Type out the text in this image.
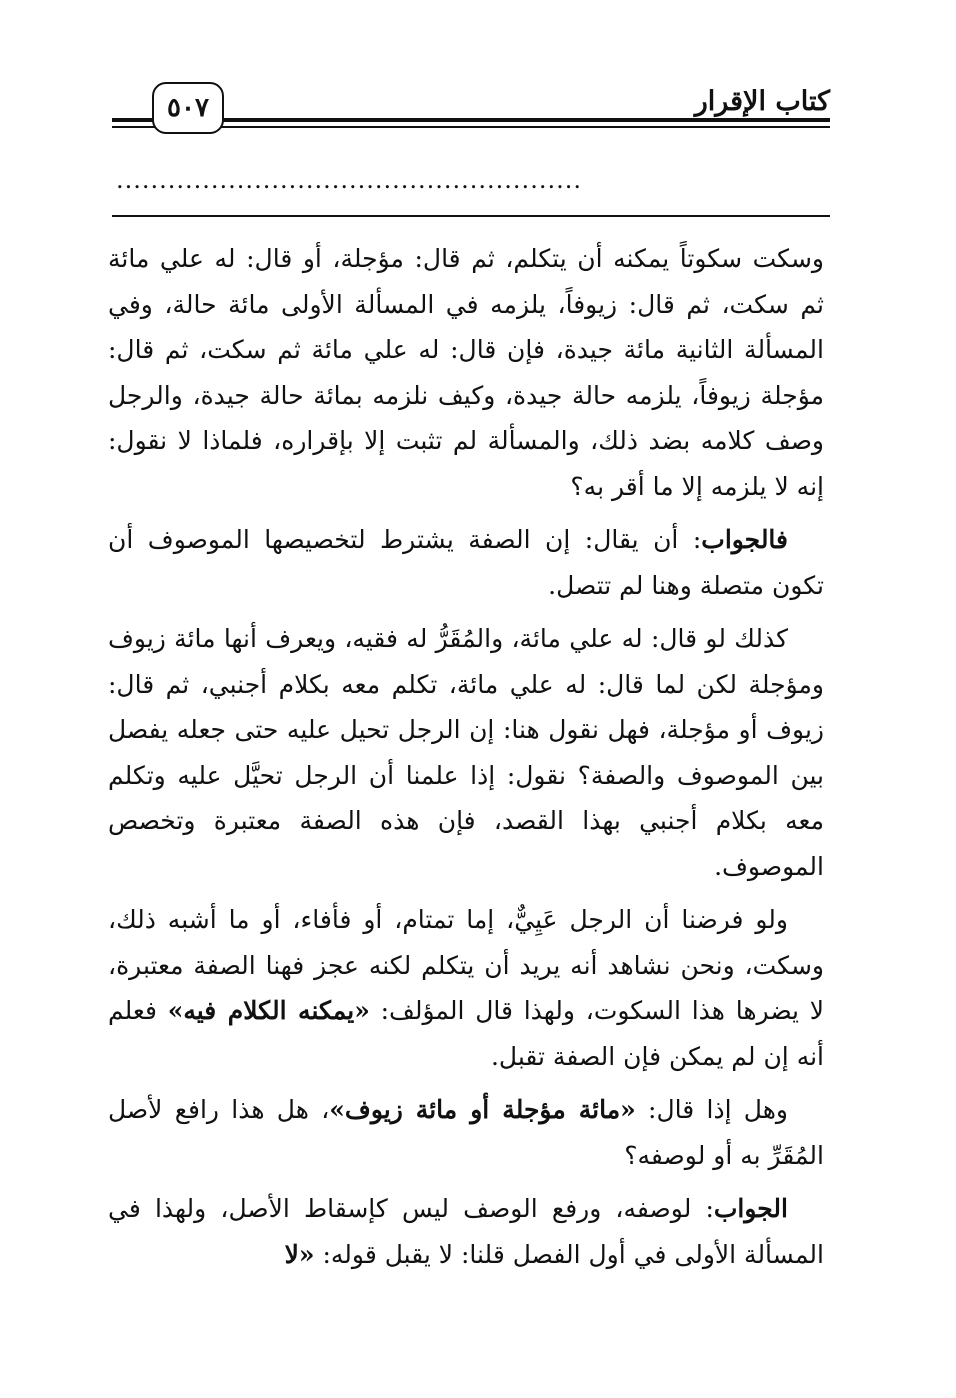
٥٠٧	كتاب الإقرار
......................................................

وسكت سكوتاً يمكنه أن يتكلم، ثم قال: مؤجلة، أو قال: له علي مائة ثم سكت، ثم قال: زيوفاً، يلزمه في المسألة الأولى مائة حالة، وفي المسألة الثانية مائة جيدة، فإن قال: له علي مائة ثم سكت، ثم قال: مؤجلة زيوفاً، يلزمه حالة جيدة، وكيف نلزمه بمائة حالة جيدة، والرجل وصف كلامه بضد ذلك، والمسألة لم تثبت إلا بإقراره، فلماذا لا نقول: إنه لا يلزمه إلا ما أقر به؟

فالجواب: أن يقال: إن الصفة يشترط لتخصيصها الموصوف أن تكون متصلة وهنا لم تتصل.

كذلك لو قال: له علي مائة، والمُقَرُّ له فقيه، ويعرف أنها مائة زيوف ومؤجلة لكن لما قال: له علي مائة، تكلم معه بكلام أجنبي، ثم قال: زيوف أو مؤجلة، فهل نقول هنا: إن الرجل تحيل عليه حتى جعله يفصل بين الموصوف والصفة؟ نقول: إذا علمنا أن الرجل تحيَّل عليه وتكلم معه بكلام أجنبي بهذا القصد، فإن هذه الصفة معتبرة وتخصص الموصوف.

ولو فرضنا أن الرجل عَيِيٌّ، إما تمتام، أو فأفاء، أو ما أشبه ذلك، وسكت، ونحن نشاهد أنه يريد أن يتكلم لكنه عجز فهنا الصفة معتبرة، لا يضرها هذا السكوت، ولهذا قال المؤلف: «يمكنه الكلام فيه» فعلم أنه إن لم يمكن فإن الصفة تقبل.

وهل إذا قال: «مائة مؤجلة أو مائة زيوف»، هل هذا رافع لأصل المُقَرِّ به أو لوصفه؟

الجواب: لوصفه، ورفع الوصف ليس كإسقاط الأصل، ولهذا في المسألة الأولى في أول الفصل قلنا: لا يقبل قوله: «لا
